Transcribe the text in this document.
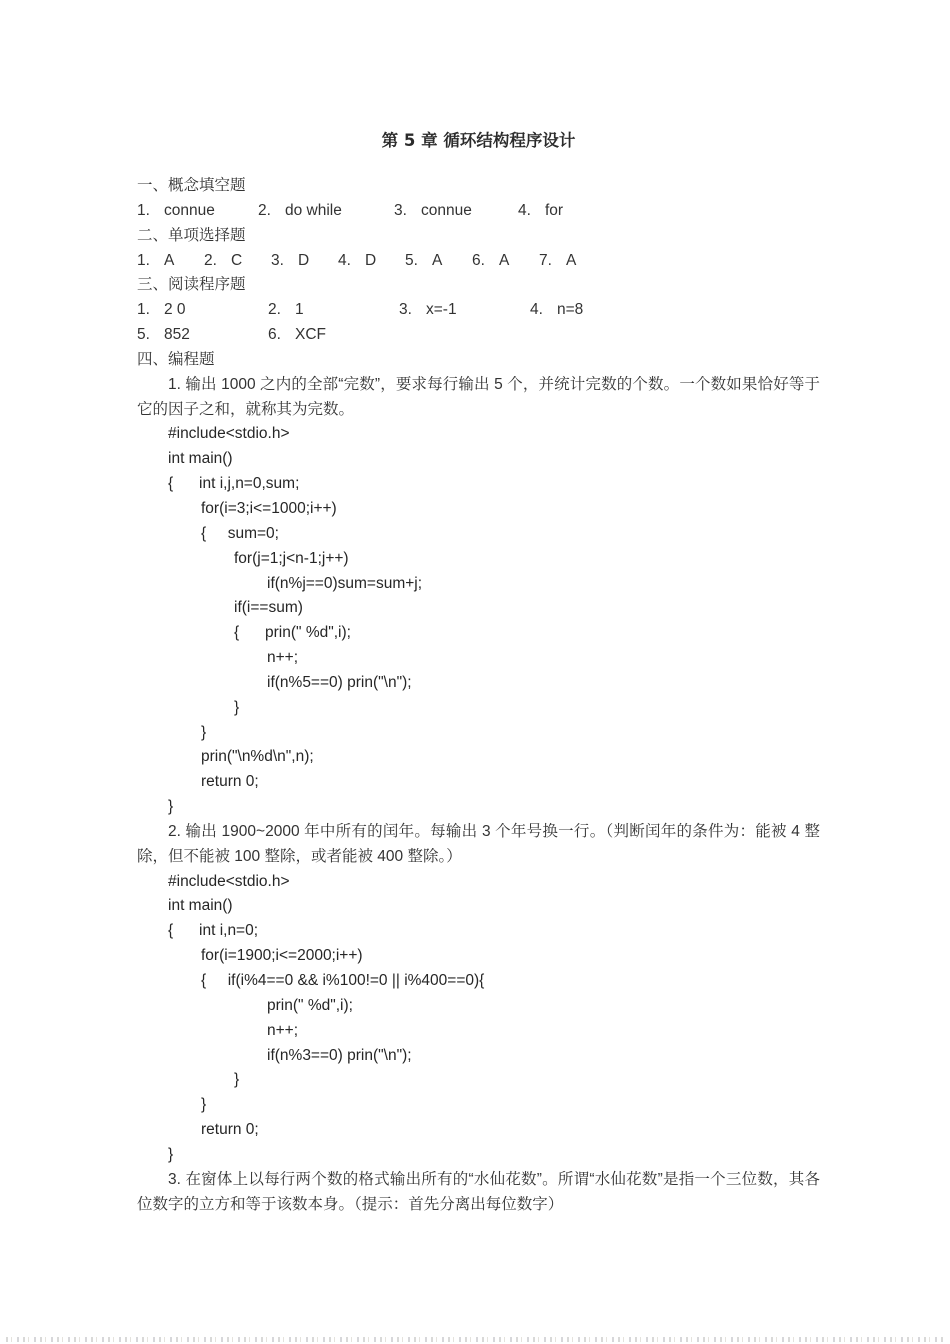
第 5 章 循环结构程序设计
一、概念填空题
1. connue	2. do while	3. connue	4. for
二、单项选择题
1. A 2. C 3. D 4. D 5. A 6. A 7. A
三、阅读程序题
1. 2 0	2. 1	3. x=-1	4. n=8
5. 852	6. XCF
四、编程题

1. 输出 1000 之内的全部“完数”，要求每行输出 5 个，并统计完数的个数。一个数如果恰好等于它的因子之和，就称其为完数。

#include<stdio.h>
int main()
{      int i,j,n=0,sum;
for(i=3;i<=1000;i++)
{     sum=0;
for(j=1;j<n-1;j++)
if(n%j==0)sum=sum+j;
if(i==sum)
{      prin(" %d",i);
n++;
if(n%5==0) prin("\n");
}
}
prin("\n%d\n",n);
return 0;
}

2. 输出 1900~2000 年中所有的闰年。每输出 3 个年号换一行。（判断闰年的条件为：能被 4 整除，但不能被 100 整除，或者能被 400 整除。）

#include<stdio.h>
int main()
{      int i,n=0;
for(i=1900;i<=2000;i++)
{     if(i%4==0 && i%100!=0 || i%400==0){
prin(" %d",i);
n++;
if(n%3==0) prin("\n");
}
}
return 0;
}

3. 在窗体上以每行两个数的格式输出所有的“水仙花数”。所谓“水仙花数”是指一个三位数，其各位数字的立方和等于该数本身。（提示：首先分离出每位数字）
